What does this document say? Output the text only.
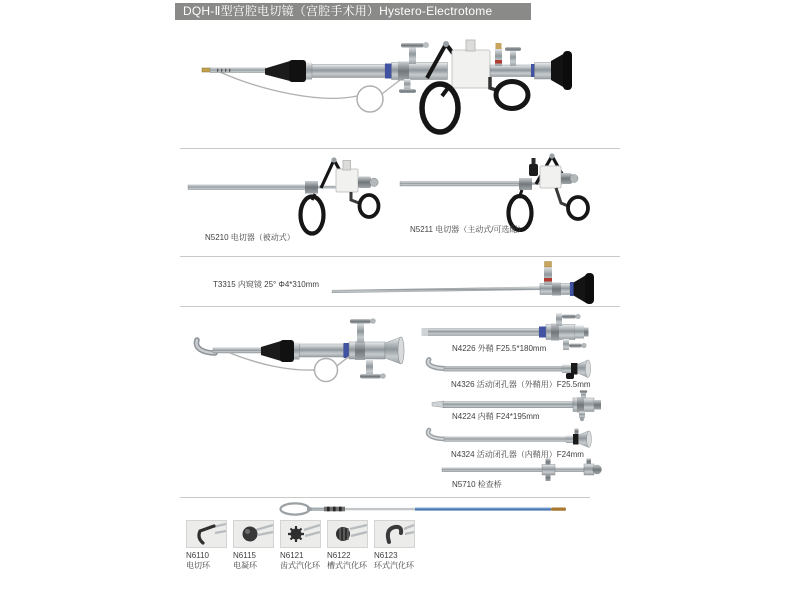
DQH-Ⅱ型宫腔电切镜（宫腔手术用）Hystero-Electrotome
N5210 电切器（被动式）
N5211 电切器（主动式/可选配）
T3315 内窥镜 25° Φ4*310mm
N4226 外鞘 F25.5*180mm
N4326 活动闭孔器（外鞘用）F25.5mm
N4224 内鞘 F24*195mm
N4324 活动闭孔器（内鞘用）F24mm
N5710 检查桥
N6110
电切环
N6115
电凝环
N6121
齿式汽化环
N6122
槽式汽化环
N6123
环式汽化环
